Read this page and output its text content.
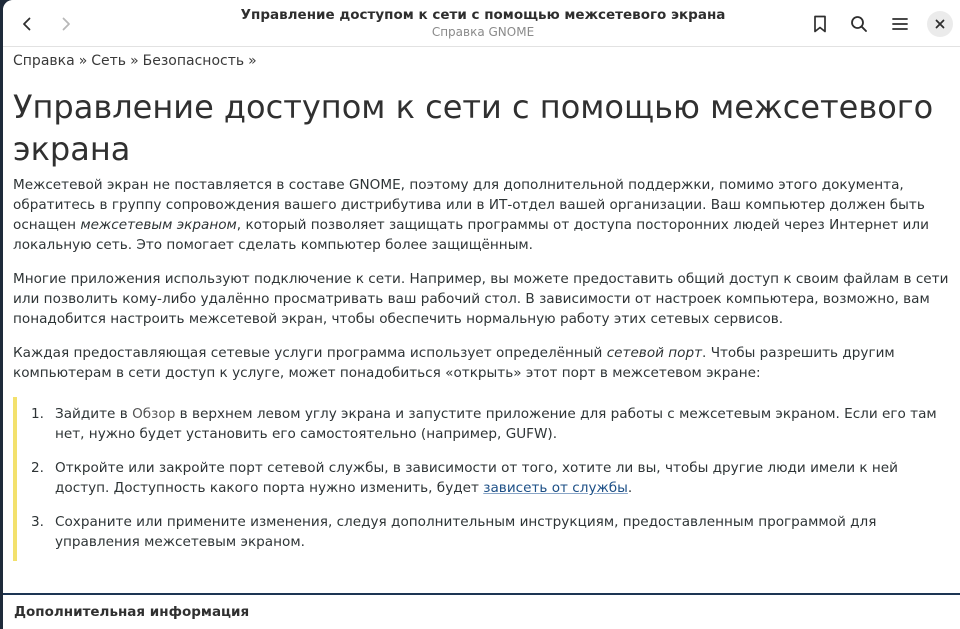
Управление доступом к сети с помощью межсетевого экрана
Справка GNOME
Справка » Сеть » Безопасность »
Управление доступом к сети с помощью межсетевого экрана

Межсетевой экран не поставляется в составе GNOME, поэтому для дополнительной поддержки, помимо этого документа, обратитесь в группу сопровождения вашего дистрибутива или в ИТ-отдел вашей организации. Ваш компьютер должен быть оснащен межсетевым экраном, который позволяет защищать программы от доступа посторонних людей через Интернет или локальную сеть. Это помогает сделать компьютер более защищённым.

Многие приложения используют подключение к сети. Например, вы можете предоставить общий доступ к своим файлам в сети или позволить кому-либо удалённо просматривать ваш рабочий стол. В зависимости от настроек компьютера, возможно, вам понадобится настроить межсетевой экран, чтобы обеспечить нормальную работу этих сетевых сервисов.

Каждая предоставляющая сетевые услуги программа использует определённый сетевой порт. Чтобы разрешить другим компьютерам в сети доступ к услуге, может понадобиться «открыть» этот порт в межсетевом экране:

1. Зайдите в Обзор в верхнем левом углу экрана и запустите приложение для работы с межсетевым экраном. Если его там нет, нужно будет установить его самостоятельно (например, GUFW).
2. Откройте или закройте порт сетевой службы, в зависимости от того, хотите ли вы, чтобы другие люди имели к ней доступ. Доступность какого порта нужно изменить, будет зависеть от службы.
3. Сохраните или примените изменения, следуя дополнительным инструкциям, предоставленным программой для управления межсетевым экраном.
Дополнительная информация
